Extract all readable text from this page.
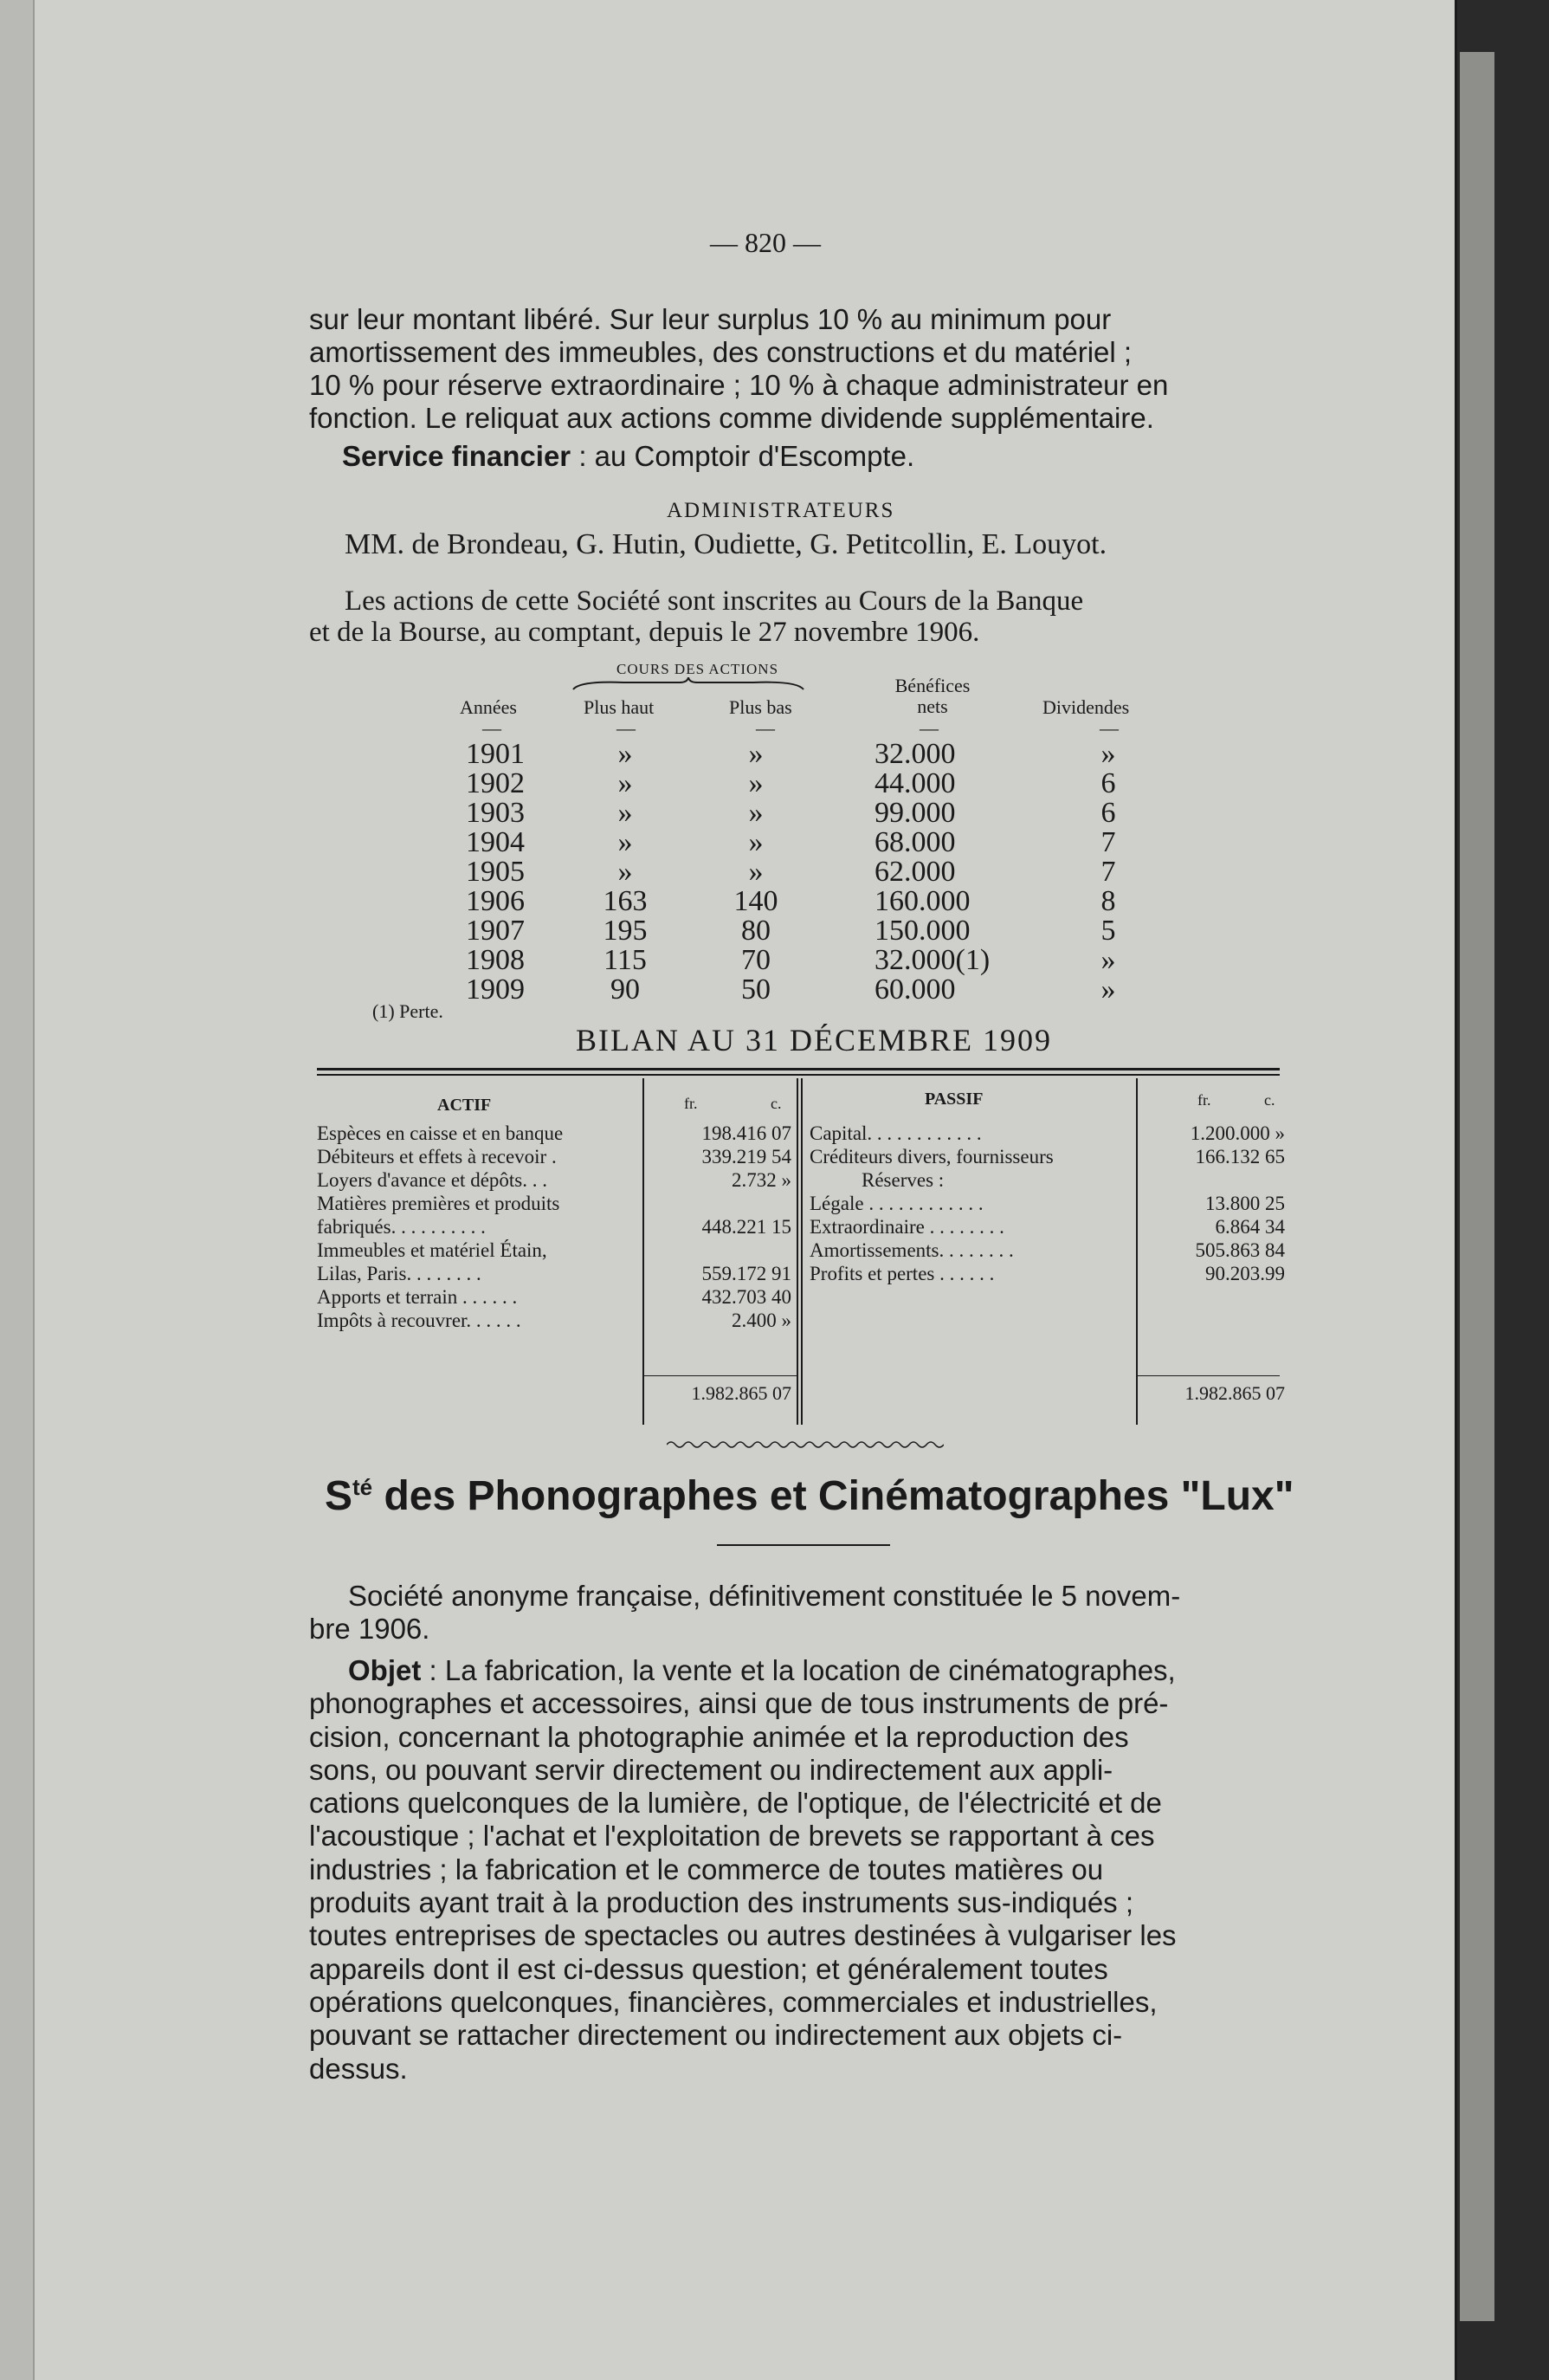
— 820 —
sur leur montant libéré. Sur leur surplus 10 % au minimum pour
amortissement des immeubles, des constructions et du matériel ;
10 % pour réserve extraordinaire ; 10 % à chaque administrateur en
fonction. Le reliquat aux actions comme dividende supplémentaire.
Service financier : au Comptoir d'Escompte.
ADMINISTRATEURS
MM. de Brondeau, G. Hutin, Oudiette, G. Petitcollin, E. Louyot.
Les actions de cette Société sont inscrites au Cours de la Banque
et de la Bourse, au comptant, depuis le 27 novembre 1906.
COURS DES ACTIONS
Années	Plus haut	Plus bas
Bénéfices nets	Dividendes
—	—	—	—	—
1901	»	»	32.000	»
1902	»	»	44.000	6
1903	»	»	99.000	6
1904	»	»	68.000	7
1905	»	»	62.000	7
1906	163	140	160.000	8
1907	195	80	150.000	5
1908	115	70	32.000(1)	»
1909	90	50	60.000	»
(1) Perte.
BILAN AU 31 DÉCEMBRE 1909
ACTIF	PASSIF
fr.	c.	fr.	c.
Espèces en caisse et en banque	198.416 07
Débiteurs et effets à recevoir .	339.219 54
Loyers d'avance et dépôts. . .	2.732 »
Matières premières et produits
fabriqués. . . . . . . . . .	448.221 15
Immeubles et matériel Étain,
Lilas, Paris. . . . . . . .	559.172 91
Apports et terrain . . . . . .	432.703 40
Impôts à recouvrer. . . . . .	2.400 »
Capital. . . . . . . . . . . .	1.200.000 »
Créditeurs divers, fournisseurs	166.132 65
Réserves :
Légale . . . . . . . . . . . .	13.800 25
Extraordinaire . . . . . . . .	6.864 34
Amortissements. . . . . . . .	505.863 84
Profits et pertes . . . . . .	90.203.99
1.982.865 07	1.982.865 07
$S^{té}$ des Phonographes et Cinématographes "Lux"
Société anonyme française, définitivement constituée le 5 novem-
bre 1906.
Objet : La fabrication, la vente et la location de cinématographes,
phonographes et accessoires, ainsi que de tous instruments de pré-
cision, concernant la photographie animée et la reproduction des
sons, ou pouvant servir directement ou indirectement aux appli-
cations quelconques de la lumière, de l'optique, de l'électricité et de
l'acoustique ; l'achat et l'exploitation de brevets se rapportant à ces
industries ; la fabrication et le commerce de toutes matières ou
produits ayant trait à la production des instruments sus-indiqués ;
toutes entreprises de spectacles ou autres destinées à vulgariser les
appareils dont il est ci-dessus question; et généralement toutes
opérations quelconques, financières, commerciales et industrielles,
pouvant se rattacher directement ou indirectement aux objets ci-
dessus.
